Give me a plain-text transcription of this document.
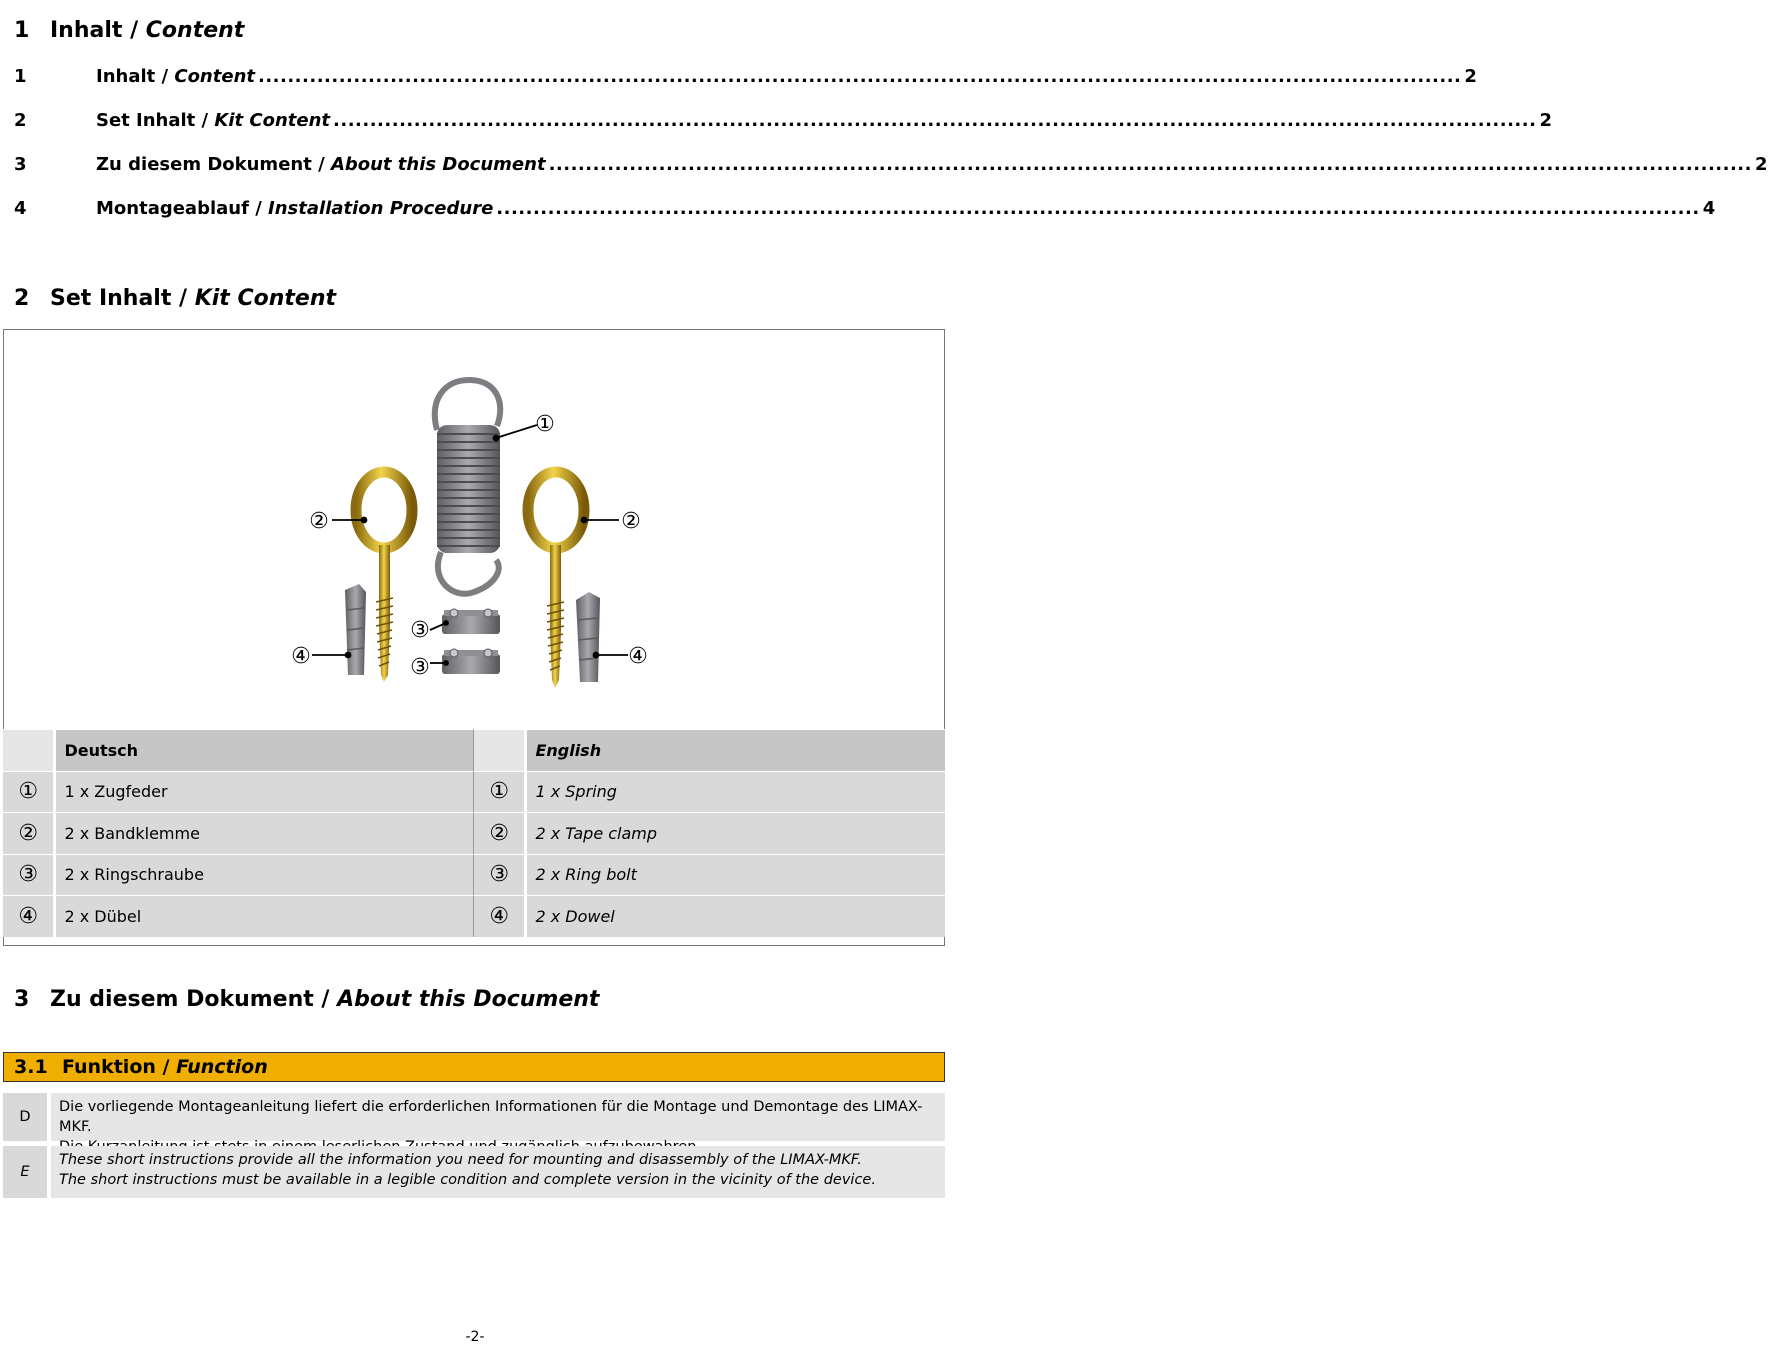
1 Inhalt / Content
1	Inhalt / Content .................................................................................................................................................................... 2
2	Set Inhalt / Kit Content .................................................................................................................................................................... 2
3	Zu diesem Dokument / About this Document .................................................................................................................................................................... 2
4	Montageablauf / Installation Procedure .................................................................................................................................................................... 4
2 Set Inhalt / Kit Content
①
②	②
③
③
④	④
	Deutsch		English
①	1 x Zugfeder	①	1 x Spring
②	2 x Bandklemme	②	2 x Tape clamp
③	2 x Ringschraube	③	2 x Ring bolt
④	2 x Dübel	④	2 x Dowel
3 Zu diesem Dokument / About this Document
3.1 Funktion / Function
D
Die vorliegende Montageanleitung liefert die erforderlichen Informationen für die Montage und Demontage des LIMAX-MKF.
E
These short instructions provide all the information you need for mounting and disassembly of the LIMAX-MKF.
The short instructions must be available in a legible condition and complete version in the vicinity of the device.
-2-
